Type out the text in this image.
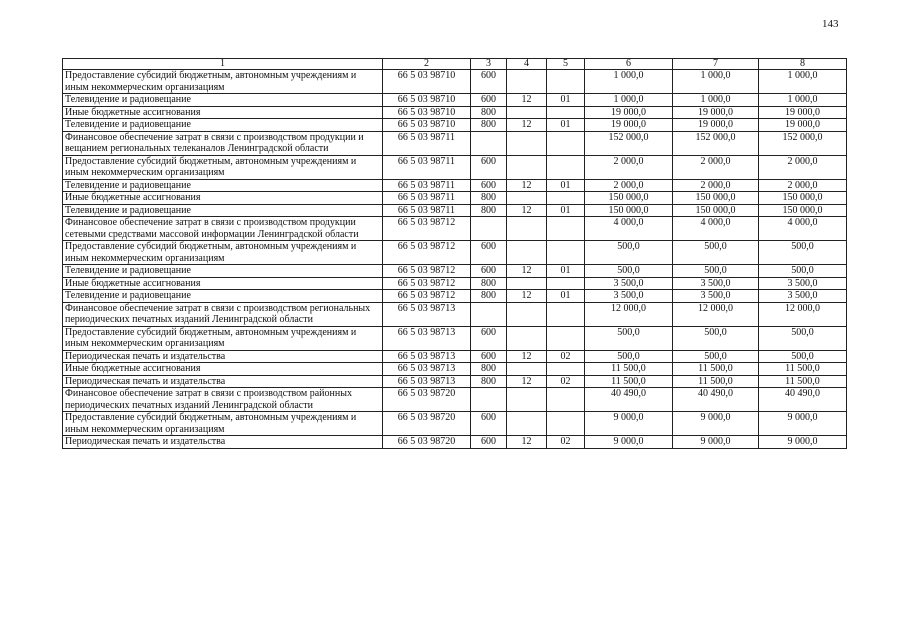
143
1	2	3	4	5	6	7	8
Предоставление субсидий бюджетным, автономным учреждениям и иным некоммерческим организациям	66 5 03 98710	600			1 000,0	1 000,0	1 000,0
Телевидение и радиовещание	66 5 03 98710	600	12	01	1 000,0	1 000,0	1 000,0
Иные бюджетные ассигнования	66 5 03 98710	800			19 000,0	19 000,0	19 000,0
Телевидение и радиовещание	66 5 03 98710	800	12	01	19 000,0	19 000,0	19 000,0
Финансовое обеспечение затрат в связи с производством продукции и вещанием региональных телеканалов Ленинградской области	66 5 03 98711				152 000,0	152 000,0	152 000,0
Предоставление субсидий бюджетным, автономным учреждениям и иным некоммерческим организациям	66 5 03 98711	600			2 000,0	2 000,0	2 000,0
Телевидение и радиовещание	66 5 03 98711	600	12	01	2 000,0	2 000,0	2 000,0
Иные бюджетные ассигнования	66 5 03 98711	800			150 000,0	150 000,0	150 000,0
Телевидение и радиовещание	66 5 03 98711	800	12	01	150 000,0	150 000,0	150 000,0
Финансовое обеспечение затрат в связи с производством продукции сетевыми средствами массовой информации Ленинградской области	66 5 03 98712				4 000,0	4 000,0	4 000,0
Предоставление субсидий бюджетным, автономным учреждениям и иным некоммерческим организациям	66 5 03 98712	600			500,0	500,0	500,0
Телевидение и радиовещание	66 5 03 98712	600	12	01	500,0	500,0	500,0
Иные бюджетные ассигнования	66 5 03 98712	800			3 500,0	3 500,0	3 500,0
Телевидение и радиовещание	66 5 03 98712	800	12	01	3 500,0	3 500,0	3 500,0
Финансовое обеспечение затрат в связи с производством региональных периодических печатных изданий Ленинградской области	66 5 03 98713				12 000,0	12 000,0	12 000,0
Предоставление субсидий бюджетным, автономным учреждениям и иным некоммерческим организациям	66 5 03 98713	600			500,0	500,0	500,0
Периодическая печать и издательства	66 5 03 98713	600	12	02	500,0	500,0	500,0
Иные бюджетные ассигнования	66 5 03 98713	800			11 500,0	11 500,0	11 500,0
Периодическая печать и издательства	66 5 03 98713	800	12	02	11 500,0	11 500,0	11 500,0
Финансовое обеспечение затрат в связи с производством районных периодических печатных изданий Ленинградской области	66 5 03 98720				40 490,0	40 490,0	40 490,0
Предоставление субсидий бюджетным, автономным учреждениям и иным некоммерческим организациям	66 5 03 98720	600			9 000,0	9 000,0	9 000,0
Периодическая печать и издательства	66 5 03 98720	600	12	02	9 000,0	9 000,0	9 000,0
